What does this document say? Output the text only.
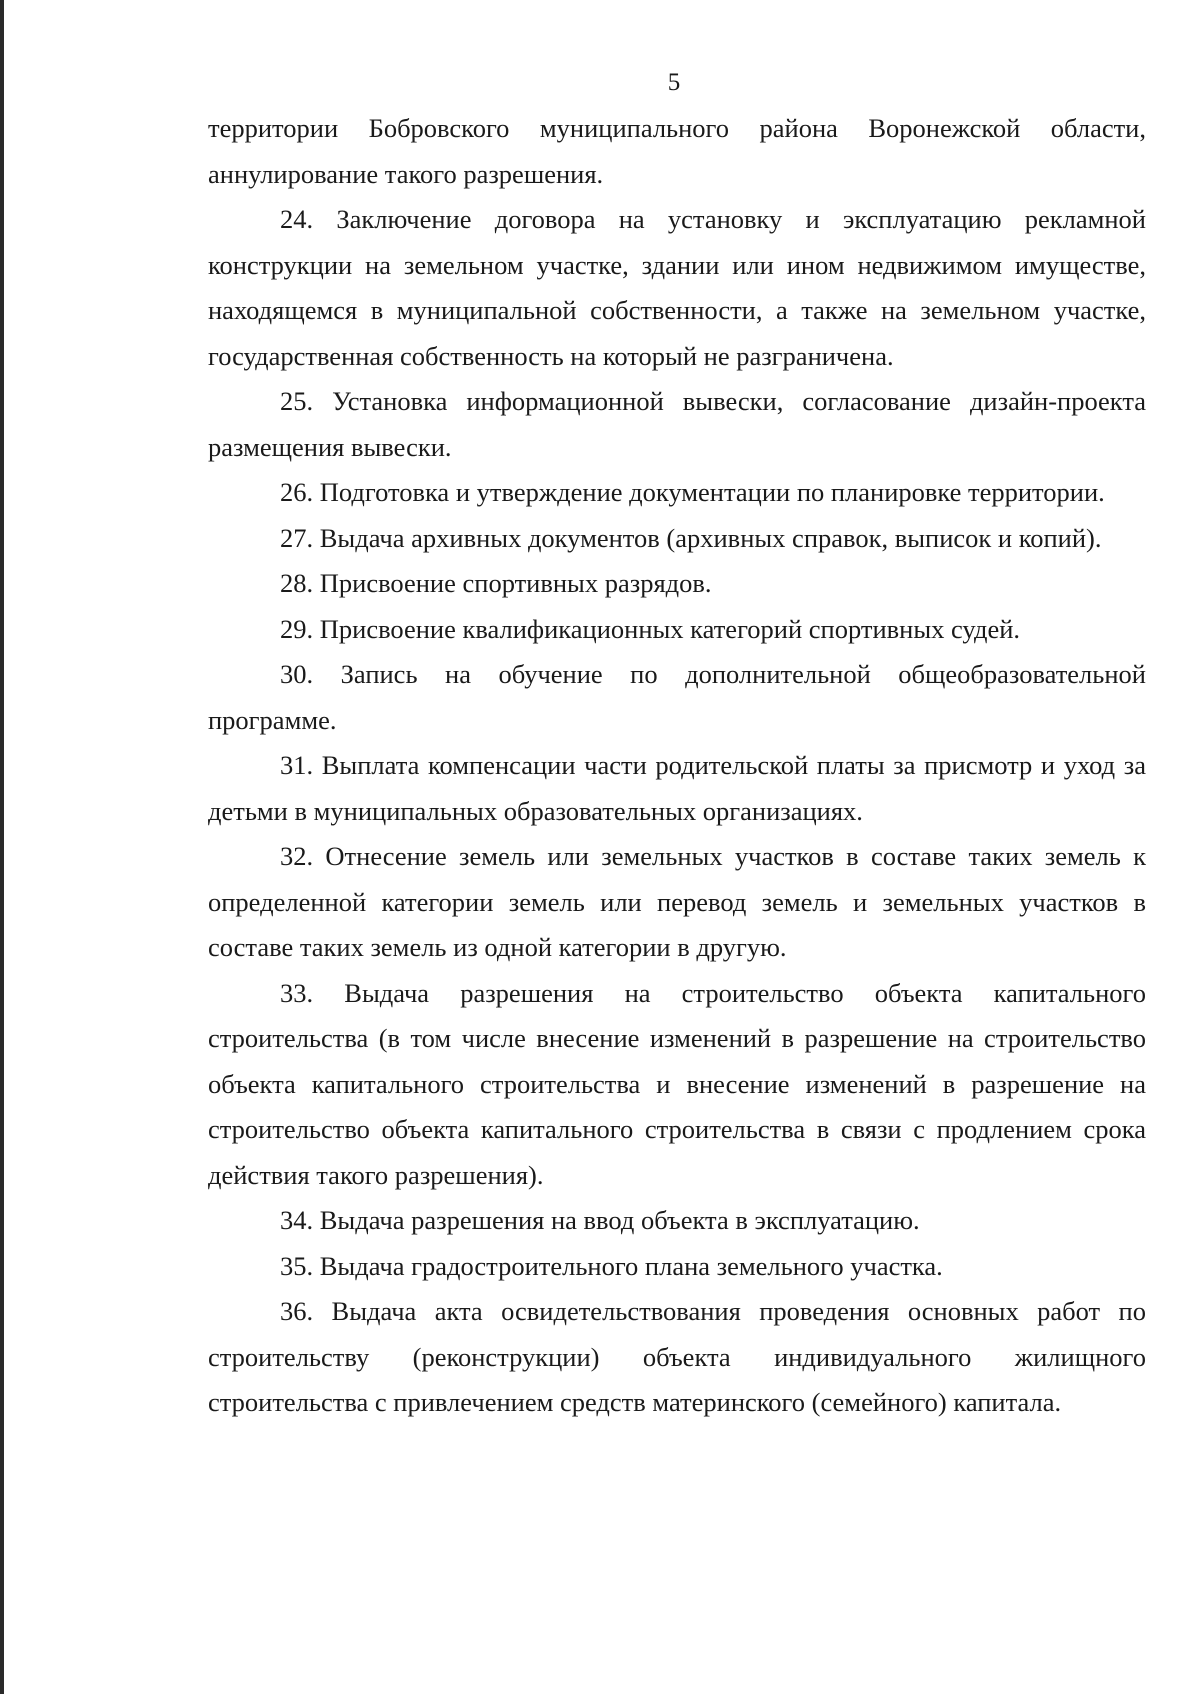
5

территории Бобровского муниципального района Воронежской области, аннулирование такого разрешения.

24. Заключение договора на установку и эксплуатацию рекламной конструкции на земельном участке, здании или ином недвижимом имуществе, находящемся в муниципальной собственности, а также на земельном участке, государственная собственность на который не разграничена.

25. Установка информационной вывески, согласование дизайн-проекта размещения вывески.

26. Подготовка и утверждение документации по планировке территории.

27. Выдача архивных документов (архивных справок, выписок и копий).

28. Присвоение спортивных разрядов.

29. Присвоение квалификационных категорий спортивных судей.

30. Запись на обучение по дополнительной общеобразовательной программе.

31. Выплата компенсации части родительской платы за присмотр и уход за детьми в муниципальных образовательных организациях.

32. Отнесение земель или земельных участков в составе таких земель к определенной категории земель или перевод земель и земельных участков в составе таких земель из одной категории в другую.

33. Выдача разрешения на строительство объекта капитального строительства (в том числе внесение изменений в разрешение на строительство объекта капитального строительства и внесение изменений в разрешение на строительство объекта капитального строительства в связи с продлением срока действия такого разрешения).

34. Выдача разрешения на ввод объекта в эксплуатацию.

35. Выдача градостроительного плана земельного участка.

36. Выдача акта освидетельствования проведения основных работ по строительству (реконструкции) объекта индивидуального жилищного строительства с привлечением средств материнского (семейного) капитала.
